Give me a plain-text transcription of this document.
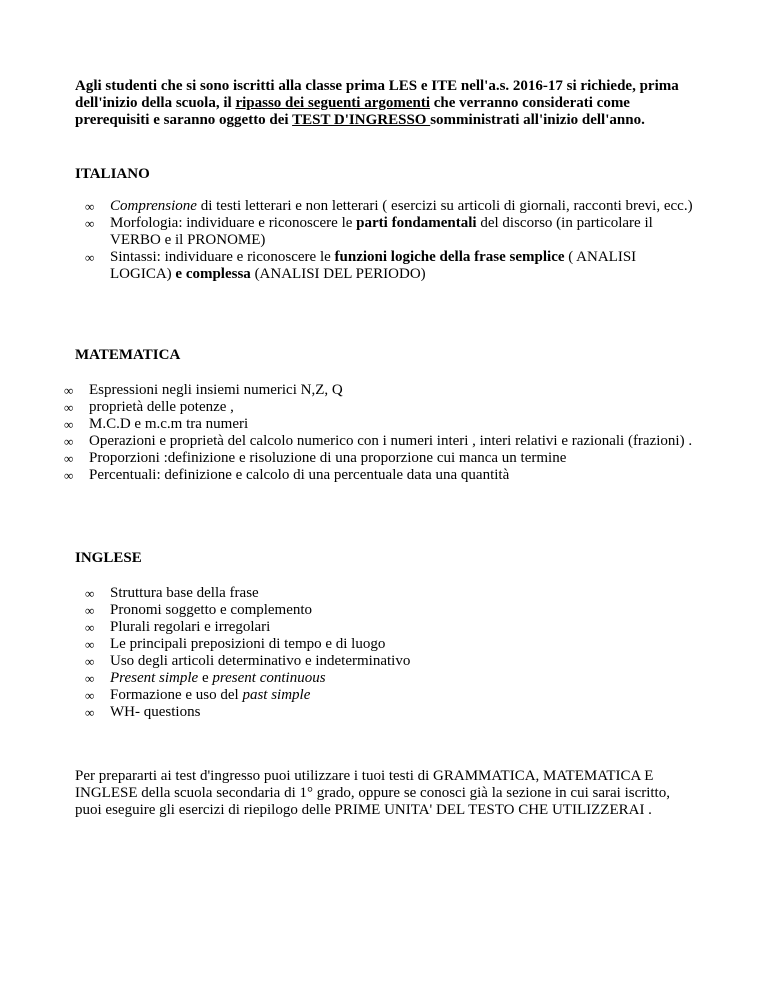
Agli studenti che si sono iscritti alla classe prima LES e ITE nell'a.s. 2016-17 si richiede, prima dell'inizio della scuola, il ripasso dei seguenti argomenti che verranno considerati come prerequisiti e saranno oggetto dei TEST D'INGRESSO somministrati all'inizio dell'anno.
ITALIANO
∞ Comprensione di testi letterari e non letterari ( esercizi su articoli di giornali, racconti brevi, ecc.)
∞ Morfologia: individuare e riconoscere le parti fondamentali del discorso (in particolare il VERBO e il PRONOME)
∞ Sintassi: individuare e riconoscere le funzioni logiche della frase semplice ( ANALISI LOGICA) e complessa (ANALISI DEL PERIODO)
MATEMATICA
∞ Espressioni negli insiemi numerici N,Z, Q
∞ proprietà delle potenze ,
∞ M.C.D e m.c.m tra numeri
∞ Operazioni e proprietà del calcolo numerico con i numeri interi , interi relativi e razionali (frazioni) .
∞ Proporzioni :definizione e risoluzione di una proporzione cui manca un termine
∞ Percentuali: definizione e calcolo di una percentuale data una quantità
INGLESE
∞ Struttura base della frase
∞ Pronomi soggetto e complemento
∞ Plurali regolari e irregolari
∞ Le principali preposizioni di tempo e di luogo
∞ Uso degli articoli determinativo e indeterminativo
∞ Present simple e present continuous
∞ Formazione e uso del past simple
∞ WH- questions
Per prepararti ai test d'ingresso puoi utilizzare i tuoi testi di GRAMMATICA, MATEMATICA E INGLESE della scuola secondaria di 1° grado, oppure se conosci già la sezione in cui sarai iscritto, puoi eseguire gli esercizi di riepilogo delle PRIME UNITA' DEL TESTO CHE UTILIZZERAI .
